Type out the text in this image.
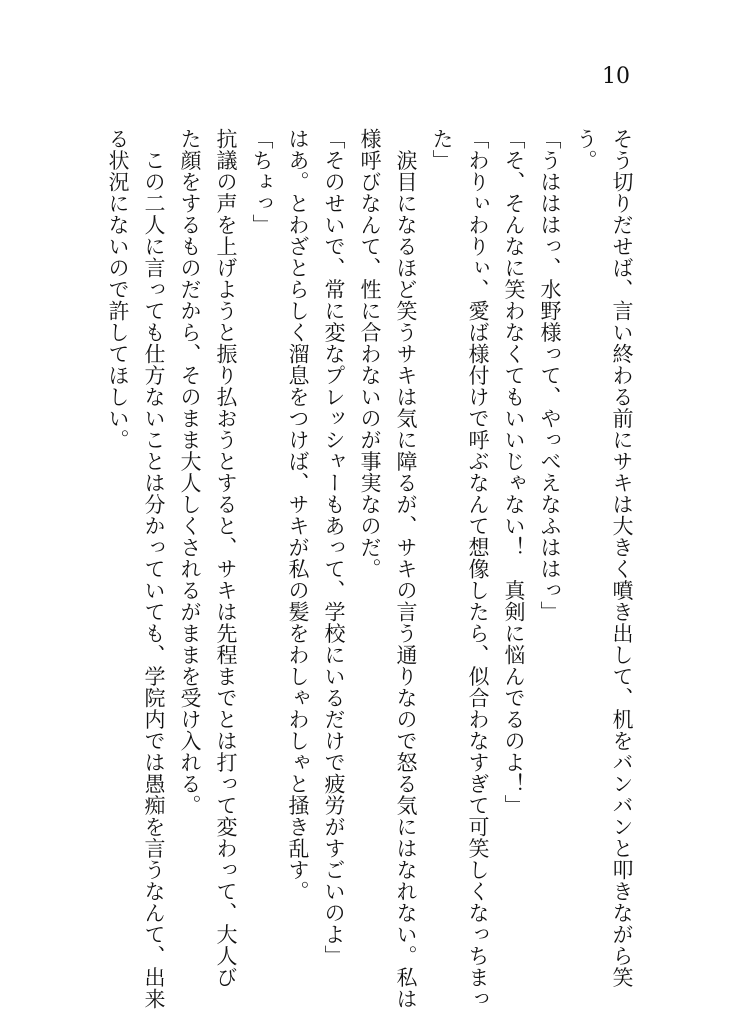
10
そう切りだせば、言い終わる前にサキは大きく噴き出して、机をバンバンと叩きながら笑
う。
「うはははっ、水野様って、やっべえなふははっ」
「そ、そんなに笑わなくてもいいじゃない！　真剣に悩んでるのよ！」
「わりぃわりぃ、愛ば様付けで呼ぶなんて想像したら、似合わなすぎて可笑しくなっちまっ
た」
　涙目になるほど笑うサキは気に障るが、サキの言う通りなので怒る気にはなれない。私は
様呼びなんて、性に合わないのが事実なのだ。
「そのせいで、常に変なプレッシャーもあって、学校にいるだけで疲労がすごいのよ」
はあ。とわざとらしく溜息をつけば、サキが私の髪をわしゃわしゃと掻き乱す。
「ちょっ」
抗議の声を上げようと振り払おうとすると、サキは先程までとは打って変わって、大人び
た顔をするものだから、そのまま大人しくされるがままを受け入れる。
　この二人に言っても仕方ないことは分かっていても、学院内では愚痴を言うなんて、出来
る状況にないので許してほしい。
